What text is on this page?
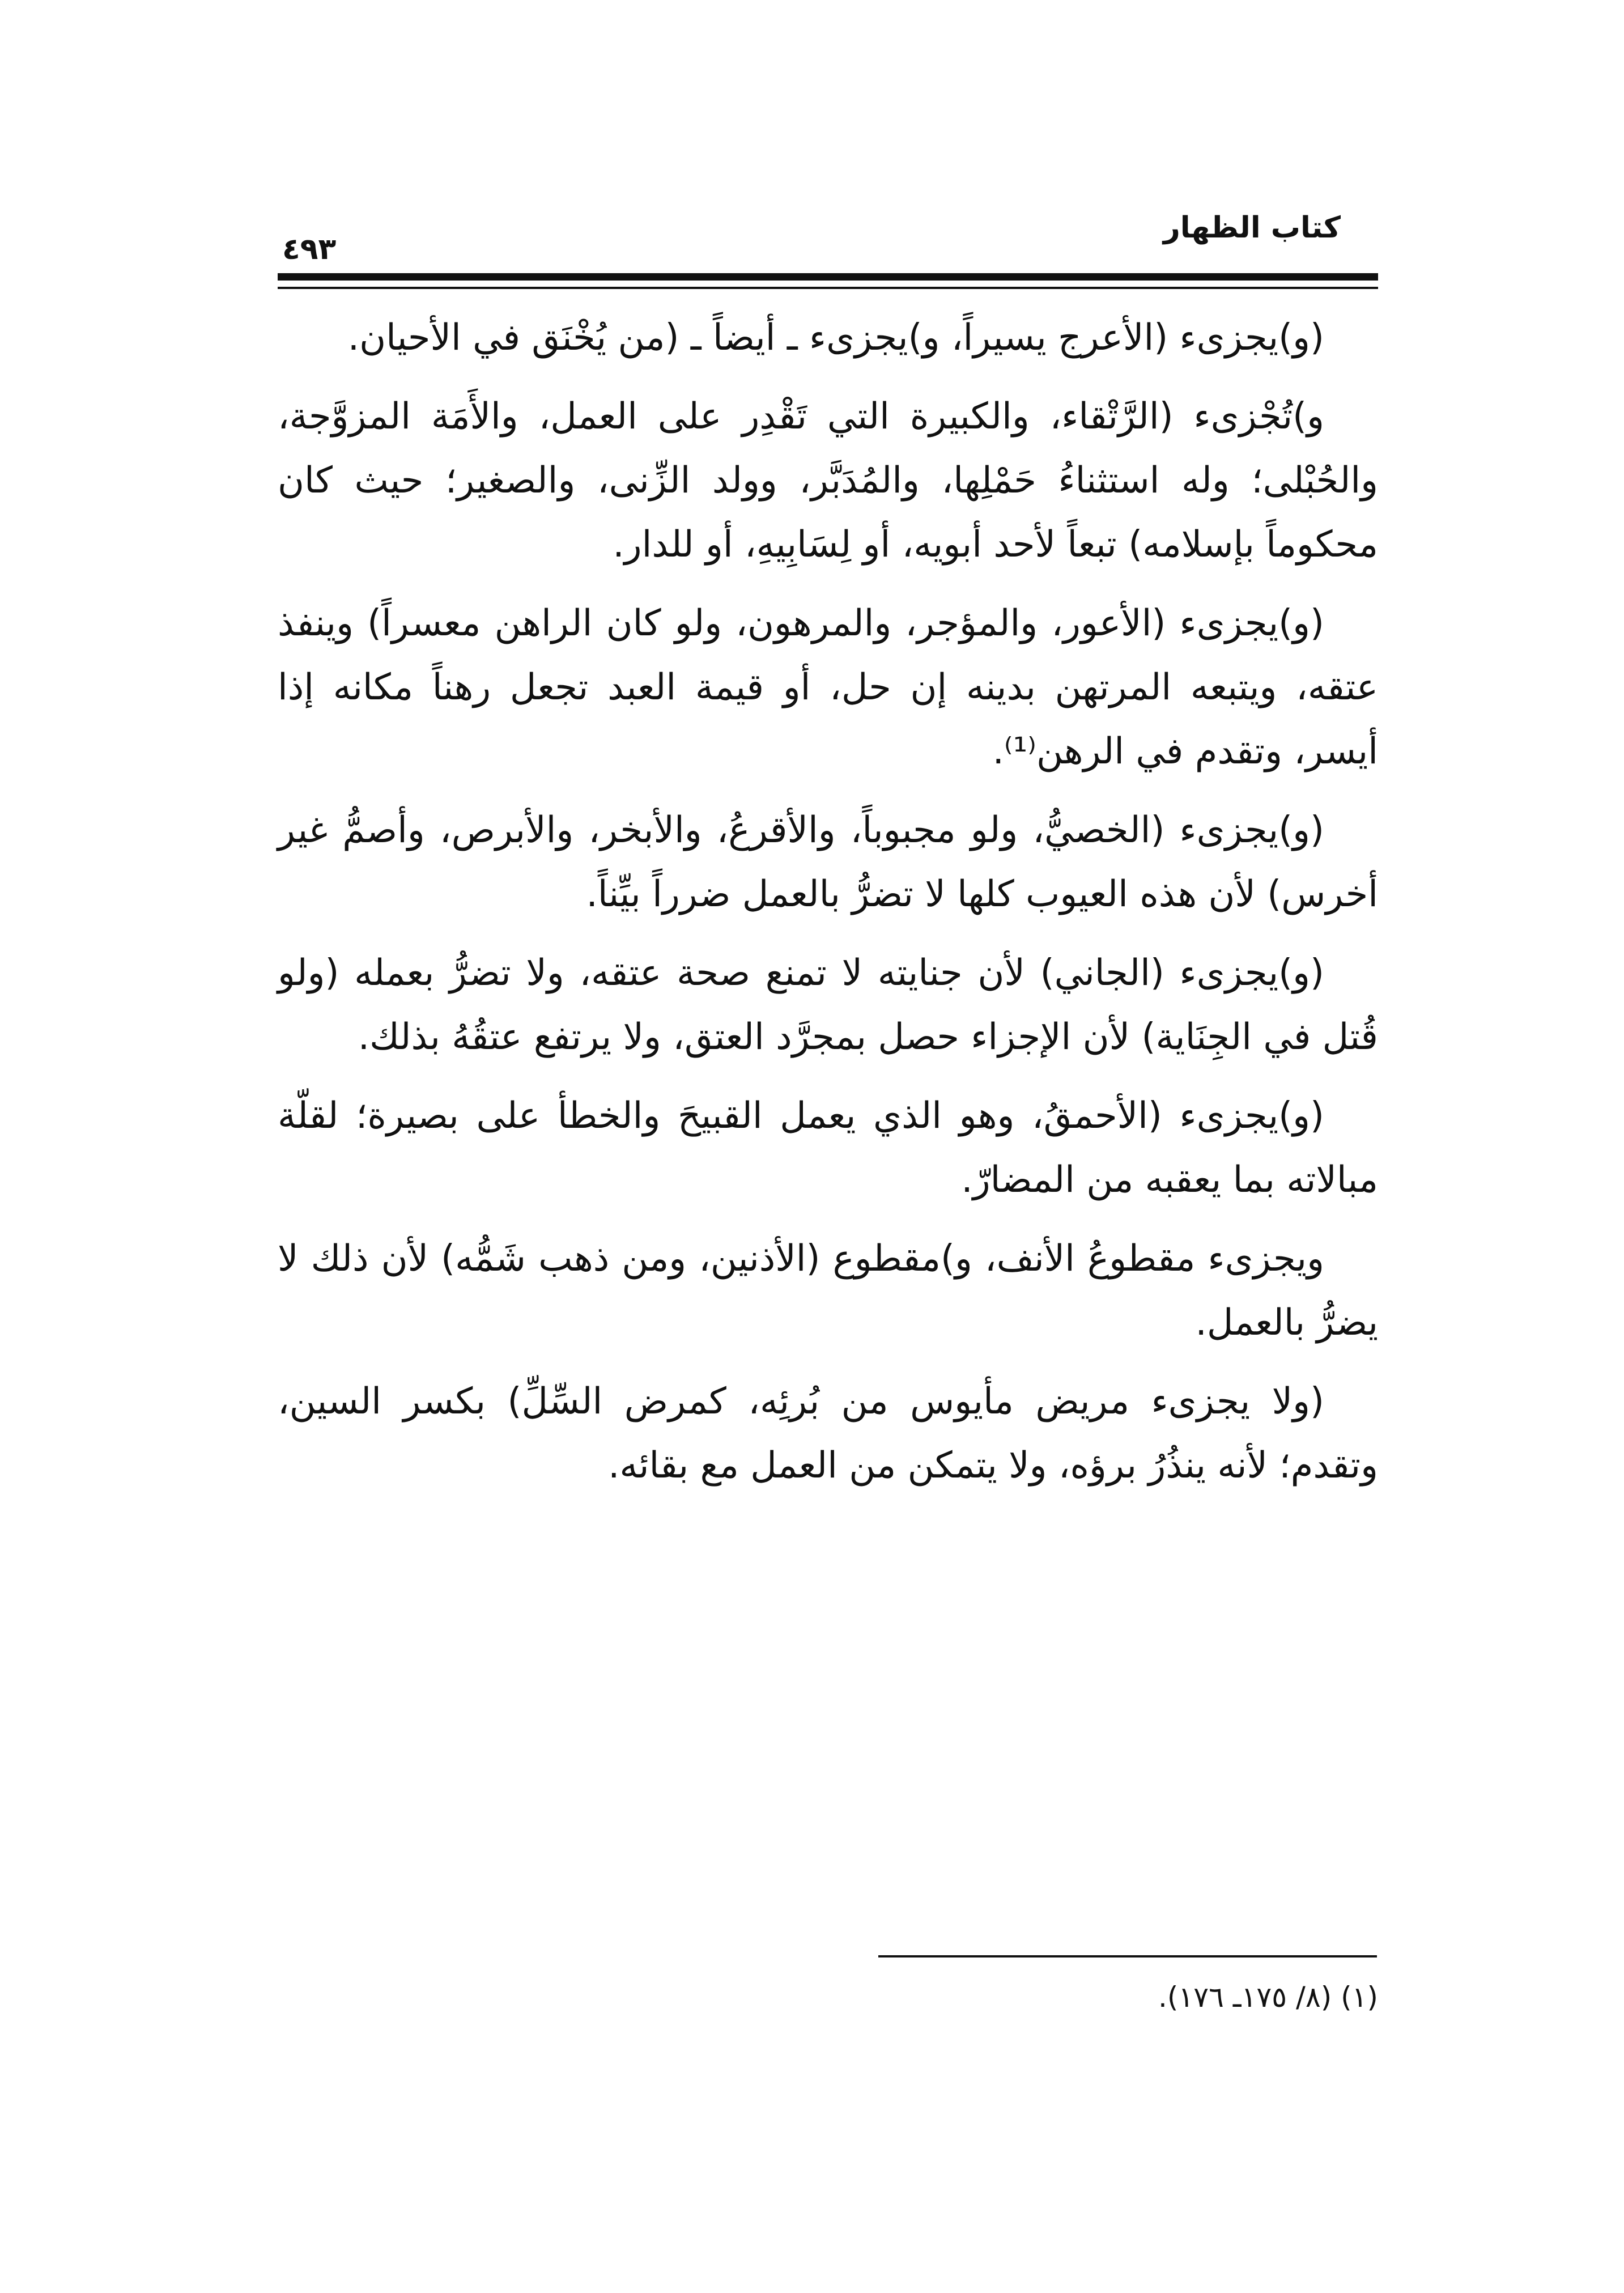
كتاب الظهار
٤٩٣

(و)يجزىء (الأعرج يسيراً، و)يجزىء ـ أيضاً ـ (من يُخْنَق في الأحيان.

و)تُجْزىء (الرَّتْقاء، والكبيرة التي تَقْدِر على العمل، والأَمَة المزوَّجة، والحُبْلى؛ وله استثناءُ حَمْلِها، والمُدَبَّر، وولد الزِّنى، والصغير؛ حيث كان محكوماً بإسلامه) تبعاً لأحد أبويه، أو لِسَابِيهِ، أو للدار.

(و)يجزىء (الأعور، والمؤجر، والمرهون، ولو كان الراهن معسراً) وينفذ عتقه، ويتبعه المرتهن بدينه إن حل، أو قيمة العبد تجعل رهناً مكانه إذا أيسر، وتقدم في الرهن⁽¹⁾.

(و)يجزىء (الخصيُّ، ولو مجبوباً، والأقرعُ، والأبخر، والأبرص، وأصمُّ غير أخرس) لأن هذه العيوب كلها لا تضرُّ بالعمل ضرراً بيِّناً.

(و)يجزىء (الجاني) لأن جنايته لا تمنع صحة عتقه، ولا تضرُّ بعمله (ولو قُتل في الجِنَاية) لأن الإجزاء حصل بمجرَّد العتق، ولا يرتفع عتقُهُ بذلك.

(و)يجزىء (الأحمقُ، وهو الذي يعمل القبيحَ والخطأ على بصيرة؛ لقلّة مبالاته بما يعقبه من المضارّ.

ويجزىء مقطوعُ الأنف، و)مقطوع (الأذنين، ومن ذهب شَمُّه) لأن ذلك لا يضرُّ بالعمل.

(ولا يجزىء مريض مأيوس من بُرئِه، كمرض السِّلِّ) بكسر السين، وتقدم؛ لأنه ينذُرُ برؤه، ولا يتمكن من العمل مع بقائه.

(١) (٨/ ١٧٥ـ ١٧٦).
